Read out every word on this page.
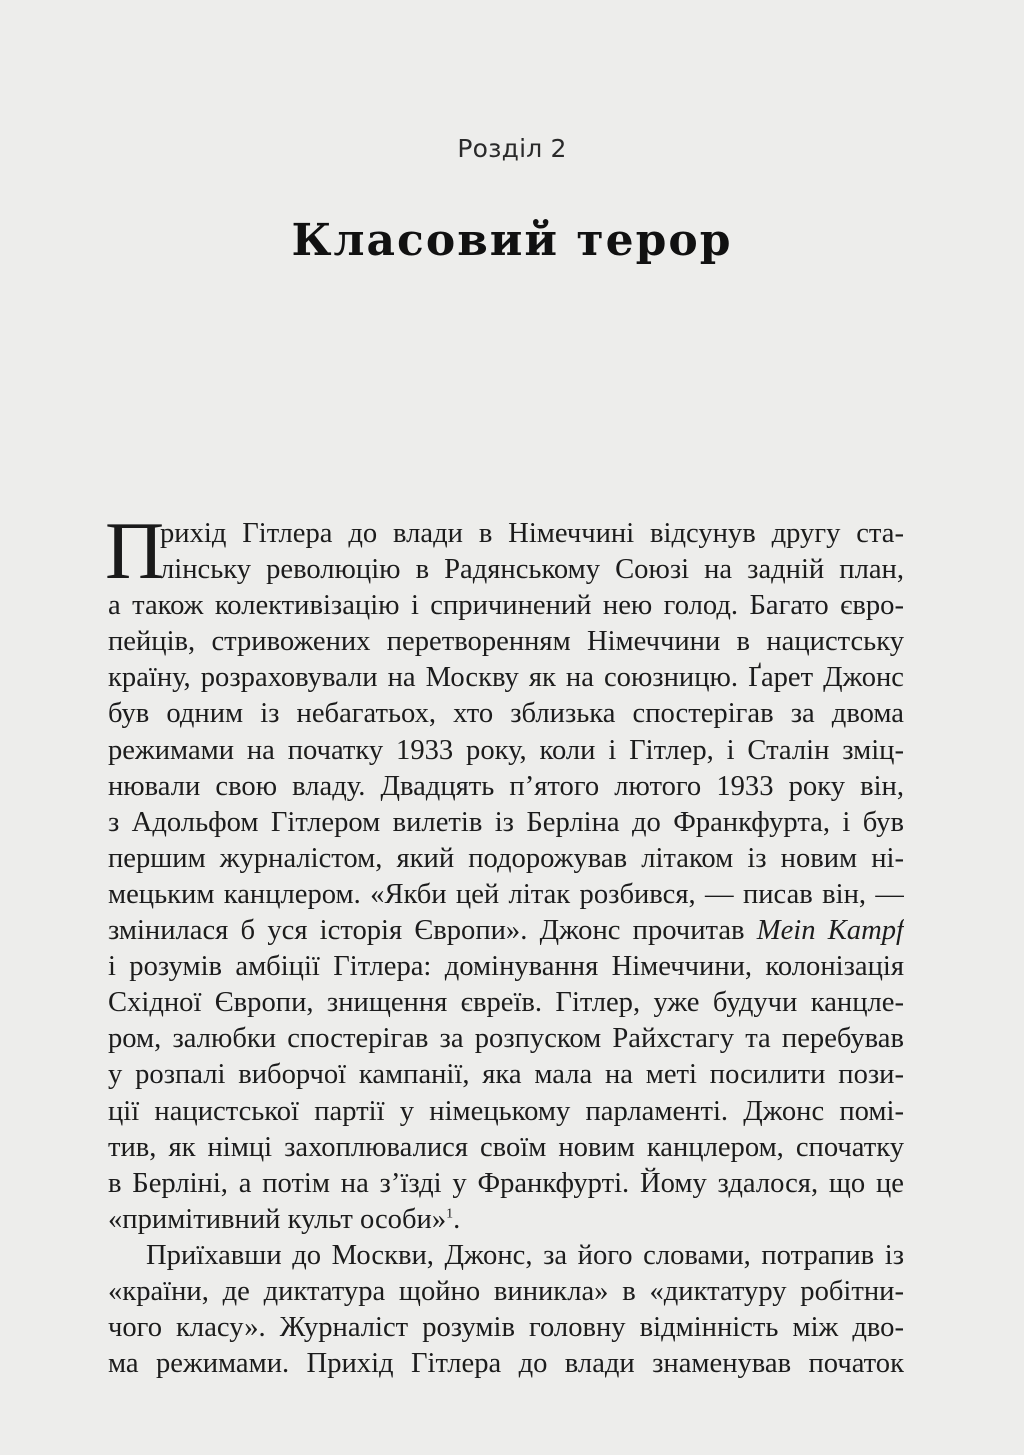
Розділ 2
Класовий терор
П
рихід Гітлера до влади в Німеччині відсунув другу ста-
лінську революцію в Радянському Союзі на задній план,
а також колективізацію і спричинений нею голод. Багато євро-
пейців, стривожених перетворенням Німеччини в нацистську
країну, розраховували на Москву як на союзницю. Ґарет Джонс
був одним із небагатьох, хто зблизька спостерігав за двома
режимами на початку 1933 року, коли і Гітлер, і Сталін зміц-
нювали свою владу. Двадцять п’ятого лютого 1933 року він,
з Адольфом Гітлером вилетів із Берліна до Франкфурта, і був
першим журналістом, який подорожував літаком із новим ні-
мецьким канцлером. «Якби цей літак розбився, — писав він, —
змінилася б уся історія Європи». Джонс прочитав Mein Kampf
і розумів амбіції Гітлера: домінування Німеччини, колонізація
Східної Європи, знищення євреїв. Гітлер, уже будучи канцле-
ром, залюбки спостерігав за розпуском Райхстагу та перебував
у розпалі виборчої кампанії, яка мала на меті посилити пози-
ції нацистської партії у німецькому парламенті. Джонс помі-
тив, як німці захоплювалися своїм новим канцлером, спочатку
в Берліні, а потім на з’їзді у Франкфурті. Йому здалося, що це
«примітивний культ особи»$^1$.
Приїхавши до Москви, Джонс, за його словами, потрапив із
«країни, де диктатура щойно виникла» в «диктатуру робітни-
чого класу». Журналіст розумів головну відмінність між дво-
ма режимами. Прихід Гітлера до влади знаменував початок
